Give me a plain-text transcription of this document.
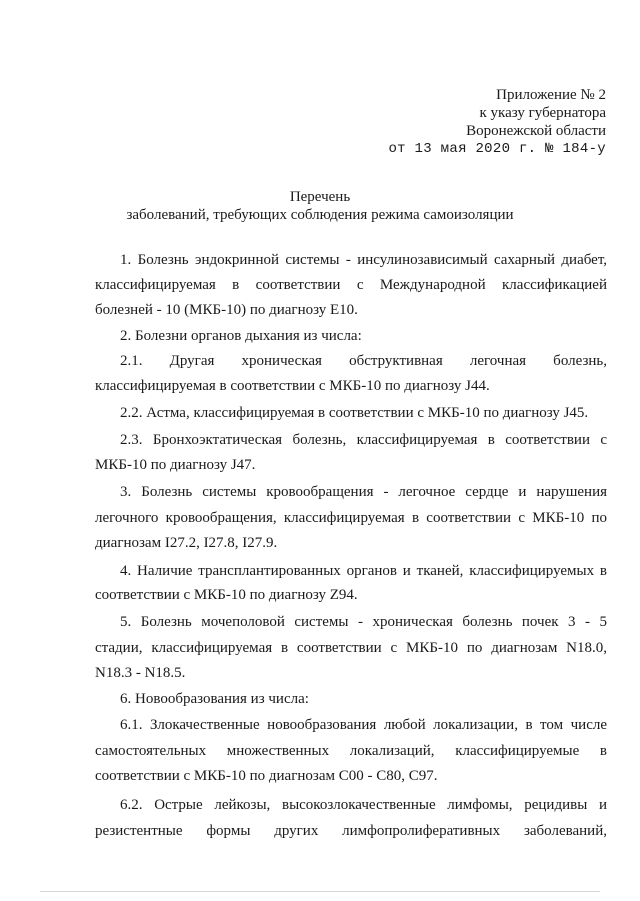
Приложение № 2
к указу губернатора
Воронежской области
от 13 мая 2020 г. № 184-у
Перечень
заболеваний, требующих соблюдения режима самоизоляции
1. Болезнь эндокринной системы - инсулинозависимый сахарный диабет,
классифицируемая в соответствии с Международной классификацией
болезней - 10 (МКБ-10) по диагнозу E10.
2. Болезни органов дыхания из числа:
2.1. Другая хроническая обструктивная легочная болезнь,
классифицируемая в соответствии с МКБ-10 по диагнозу J44.
2.2. Астма, классифицируемая в соответствии с МКБ-10 по диагнозу J45.
2.3. Бронхоэктатическая болезнь, классифицируемая в соответствии с
МКБ-10 по диагнозу J47.
3. Болезнь системы кровообращения - легочное сердце и нарушения
легочного кровообращения, классифицируемая в соответствии с МКБ-10 по
диагнозам I27.2, I27.8, I27.9.
4. Наличие трансплантированных органов и тканей, классифицируемых в
соответствии с МКБ-10 по диагнозу Z94.
5. Болезнь мочеполовой системы - хроническая болезнь почек 3 - 5
стадии, классифицируемая в соответствии с МКБ-10 по диагнозам N18.0,
N18.3 - N18.5.
6. Новообразования из числа:
6.1. Злокачественные новообразования любой локализации, в том числе
самостоятельных множественных локализаций, классифицируемые в
соответствии с МКБ-10 по диагнозам C00 - C80, C97.
6.2. Острые лейкозы, высокозлокачественные лимфомы, рецидивы и
резистентные формы других лимфопролиферативных заболеваний,
